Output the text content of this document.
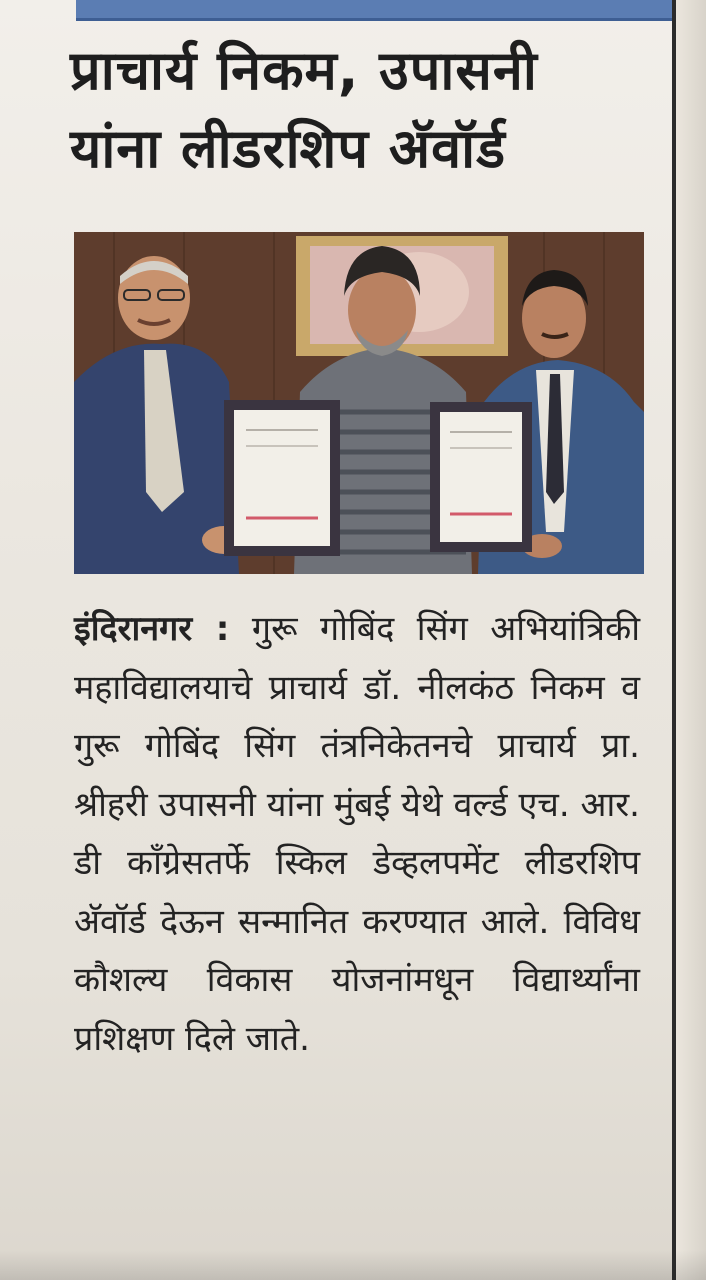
प्राचार्य निकम, उपासनी
यांना लीडरशिप अ‍ॅवॉर्ड

इंदिरानगर : गुरू गोबिंद सिंग अभियांत्रिकी महाविद्यालयाचे प्राचार्य डॉ. नीलकंठ निकम व गुरू गोबिंद सिंग तंत्रनिकेतनचे प्राचार्य प्रा. श्रीहरी उपासनी यांना मुंबई येथे वर्ल्ड एच. आर. डी कॉंग्रेसतर्फे स्किल डेव्हलपमेंट लीडरशिप अ‍ॅवॉर्ड देऊन सन्मानित करण्यात आले. विविध कौशल्य विकास योजनांमधून विद्यार्थ्यांना प्रशिक्षण दिले जाते.
